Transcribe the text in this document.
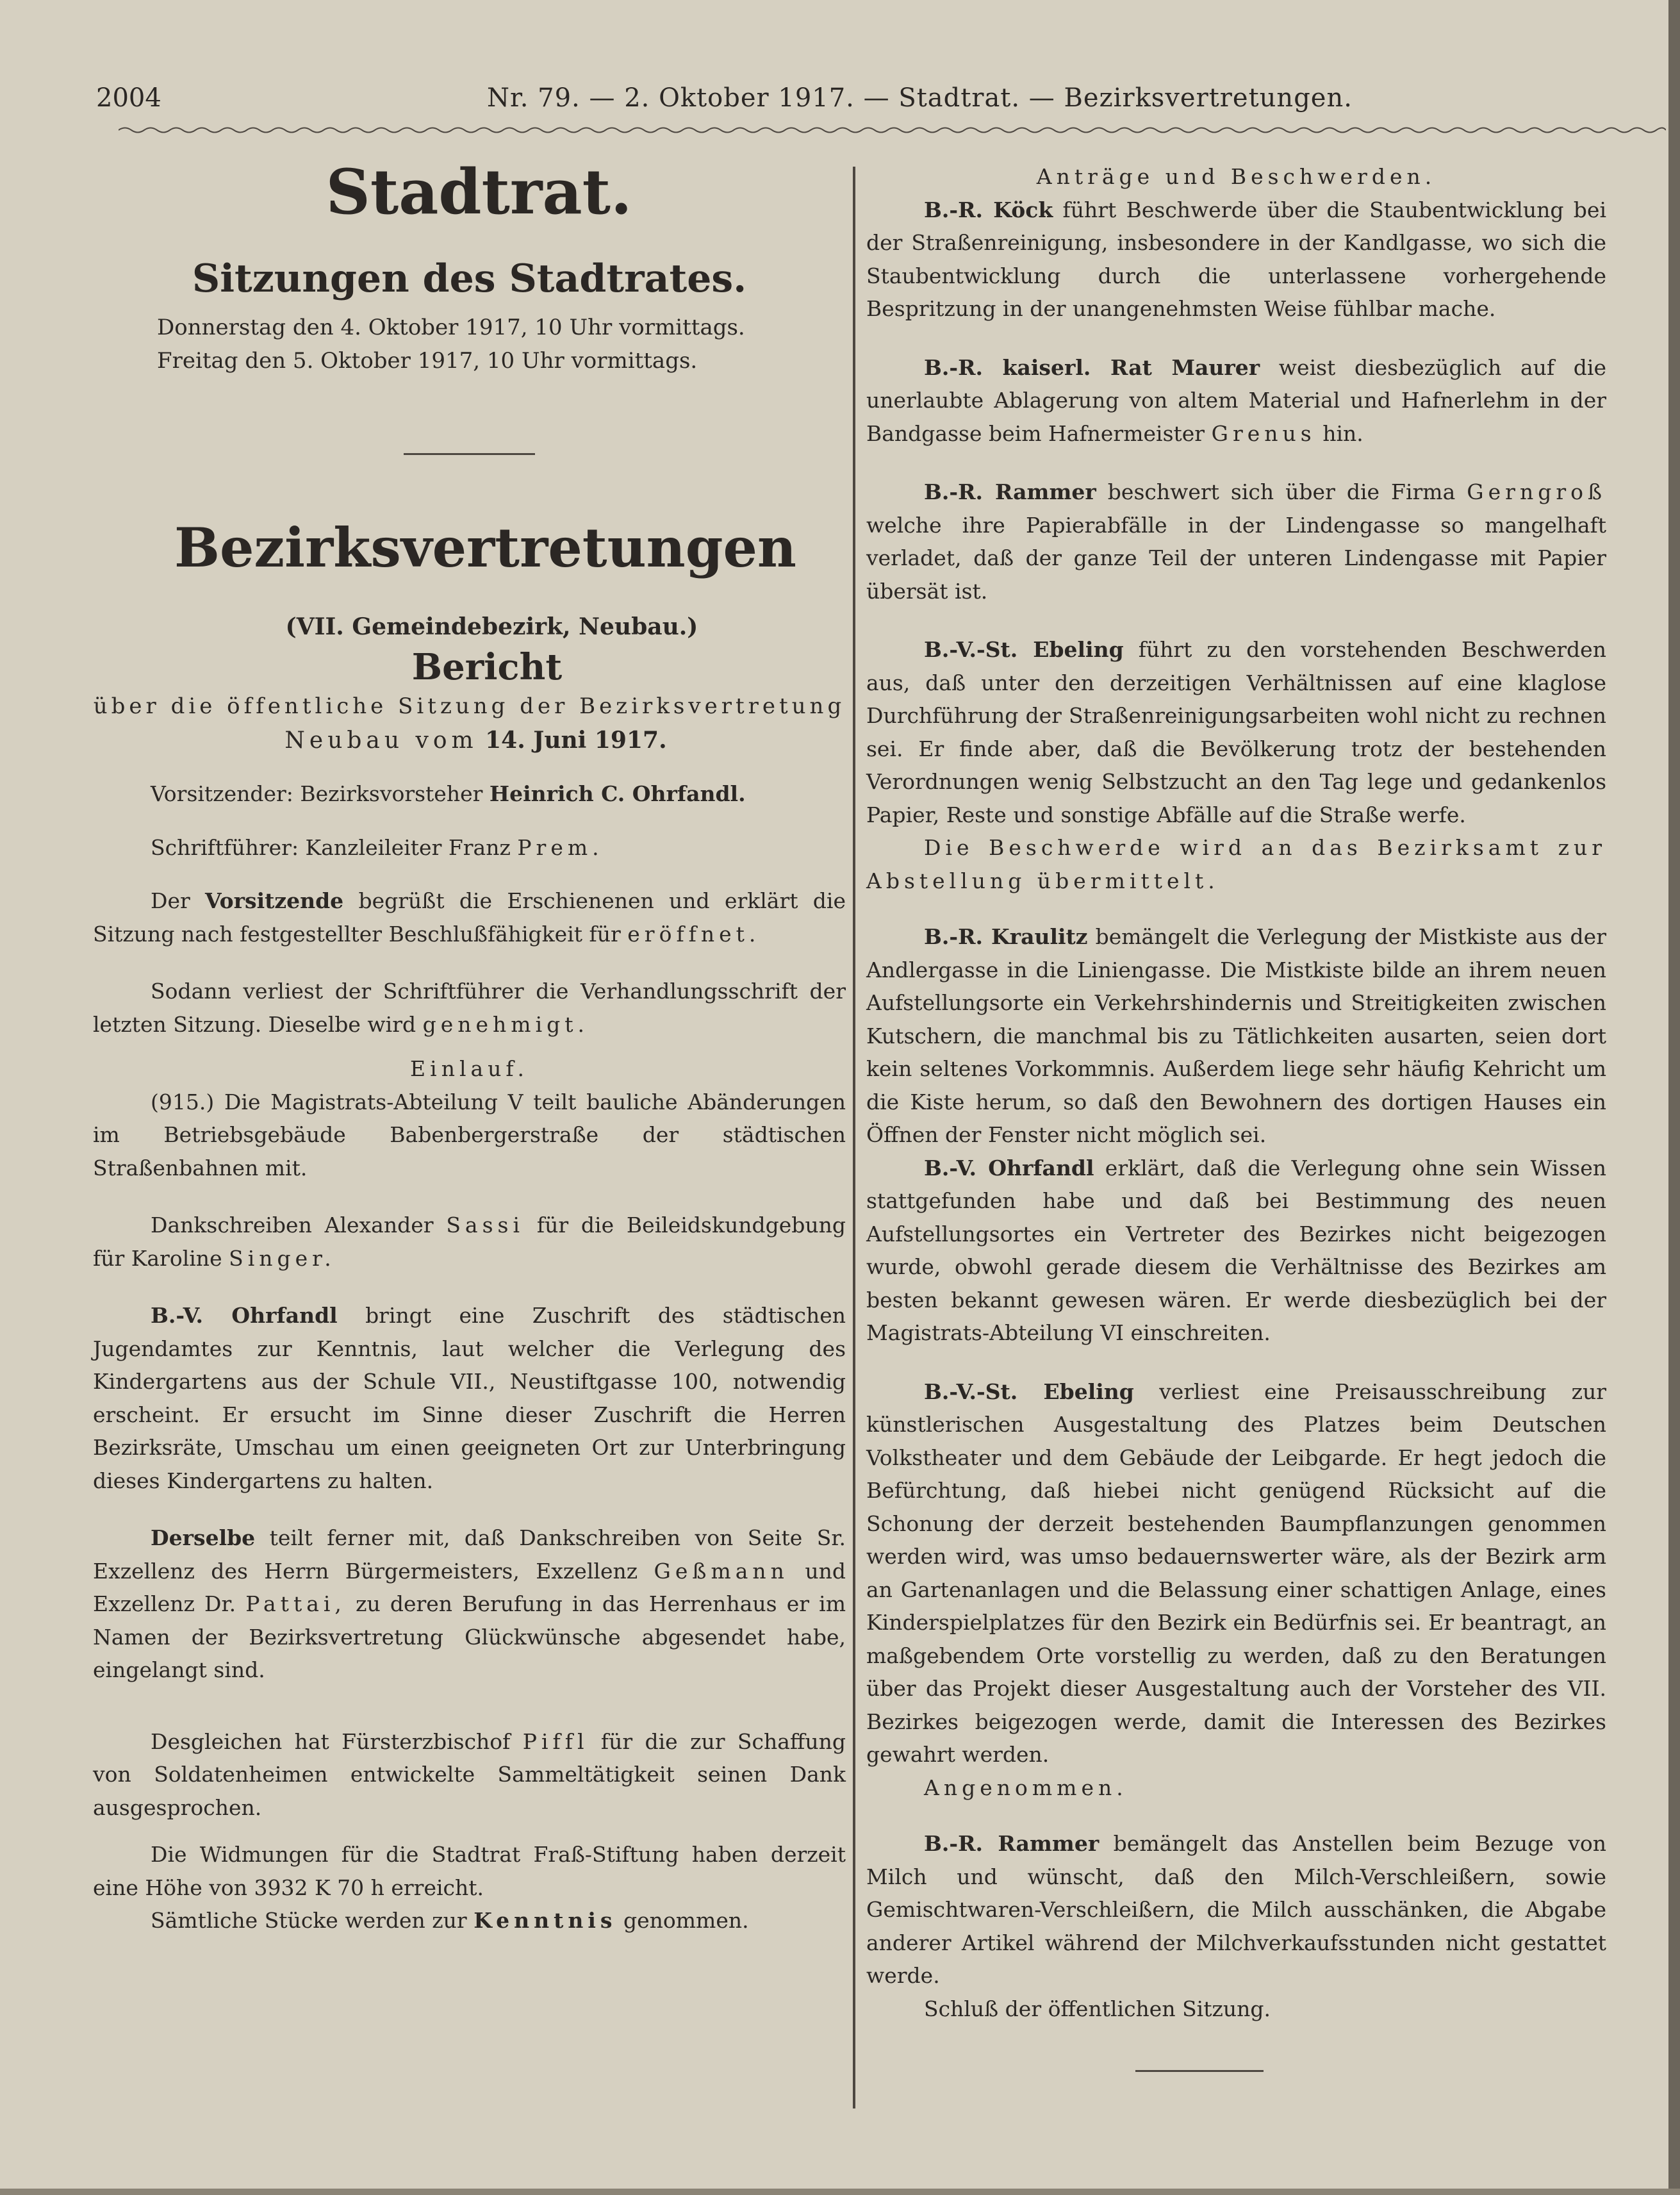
2004	Nr. 79. — 2. Oktober 1917. — Stadtrat. — Bezirksvertretungen.
Stadtrat.
Sitzungen des Stadtrates.
Donnerstag den 4. Oktober 1917, 10 Uhr vormittags.
Freitag den 5. Oktober 1917, 10 Uhr vormittags.
Bezirksvertretungen
(VII. Gemeindebezirk, Neubau.)
Bericht
über die öffentliche Sitzung der Bezirksvertretung
Neubau vom 14. Juni 1917.

Vorsitzender: Bezirksvorsteher Heinrich C. Ohrfandl.

Schriftführer: Kanzleileiter Franz Prem.

Der Vorsitzende begrüßt die Erschienenen und erklärt die Sitzung nach festgestellter Beschlußfähigkeit für eröffnet.

Sodann verliest der Schriftführer die Verhandlungsschrift der letzten Sitzung. Dieselbe wird genehmigt.

Einlauf.

(915.) Die Magistrats-Abteilung V teilt bauliche Abänderungen im Betriebsgebäude Babenbergerstraße der städtischen Straßenbahnen mit.

Dankschreiben Alexander Sassi für die Beileidskundgebung für Karoline Singer.

B.-V. Ohrfandl bringt eine Zuschrift des städtischen Jugendamtes zur Kenntnis, laut welcher die Verlegung des Kindergartens aus der Schule VII., Neustiftgasse 100, notwendig erscheint. Er ersucht im Sinne dieser Zuschrift die Herren Bezirksräte, Umschau um einen geeigneten Ort zur Unterbringung dieses Kindergartens zu halten.

Derselbe teilt ferner mit, daß Dankschreiben von Seite Sr. Exzellenz des Herrn Bürgermeisters, Exzellenz Geßmann und Exzellenz Dr. Pattai, zu deren Berufung in das Herrenhaus er im Namen der Bezirksvertretung Glückwünsche abgesendet habe, eingelangt sind.

Desgleichen hat Fürsterzbischof Piffl für die zur Schaffung von Soldatenheimen entwickelte Sammeltätigkeit seinen Dank ausgesprochen.

Die Widmungen für die Stadtrat Fraß-Stiftung haben derzeit eine Höhe von 3932 K 70 h erreicht.

Sämtliche Stücke werden zur Kenntnis genommen.

Anträge und Beschwerden.

B.-R. Köck führt Beschwerde über die Staubentwicklung bei der Straßenreinigung, insbesondere in der Kandlgasse, wo sich die Staubentwicklung durch die unterlassene vorhergehende Bespritzung in der unangenehmsten Weise fühlbar mache.

B.-R. kaiserl. Rat Maurer weist diesbezüglich auf die unerlaubte Ablagerung von altem Material und Hafnerlehm in der Bandgasse beim Hafnermeister Grenus hin.

B.-R. Rammer beschwert sich über die Firma Gerngroß welche ihre Papierabfälle in der Lindengasse so mangelhaft verladet, daß der ganze Teil der unteren Lindengasse mit Papier übersät ist.

B.-V.-St. Ebeling führt zu den vorstehenden Beschwerden aus, daß unter den derzeitigen Verhältnissen auf eine klaglose Durchführung der Straßenreinigungsarbeiten wohl nicht zu rechnen sei. Er finde aber, daß die Bevölkerung trotz der bestehenden Verordnungen wenig Selbstzucht an den Tag lege und gedankenlos Papier, Reste und sonstige Abfälle auf die Straße werfe.

Die Beschwerde wird an das Bezirksamt zur Abstellung übermittelt.

B.-R. Kraulitz bemängelt die Verlegung der Mistkiste aus der Andlergasse in die Liniengasse. Die Mistkiste bilde an ihrem neuen Aufstellungsorte ein Verkehrshindernis und Streitigkeiten zwischen Kutschern, die manchmal bis zu Tätlichkeiten ausarten, seien dort kein seltenes Vorkommnis. Außerdem liege sehr häufig Kehricht um die Kiste herum, so daß den Bewohnern des dortigen Hauses ein Öffnen der Fenster nicht möglich sei.

B.-V. Ohrfandl erklärt, daß die Verlegung ohne sein Wissen stattgefunden habe und daß bei Bestimmung des neuen Aufstellungsortes ein Vertreter des Bezirkes nicht beigezogen wurde, obwohl gerade diesem die Verhältnisse des Bezirkes am besten bekannt gewesen wären. Er werde diesbezüglich bei der Magistrats-Abteilung VI einschreiten.

B.-V.-St. Ebeling verliest eine Preisausschreibung zur künstlerischen Ausgestaltung des Platzes beim Deutschen Volkstheater und dem Gebäude der Leibgarde. Er hegt jedoch die Befürchtung, daß hiebei nicht genügend Rücksicht auf die Schonung der derzeit bestehenden Baumpflanzungen genommen werden wird, was umso bedauernswerter wäre, als der Bezirk arm an Gartenanlagen und die Belassung einer schattigen Anlage, eines Kinderspielplatzes für den Bezirk ein Bedürfnis sei. Er beantragt, an maßgebendem Orte vorstellig zu werden, daß zu den Beratungen über das Projekt dieser Ausgestaltung auch der Vorsteher des VII. Bezirkes beigezogen werde, damit die Interessen des Bezirkes gewahrt werden.

Angenommen.

B.-R. Rammer bemängelt das Anstellen beim Bezuge von Milch und wünscht, daß den Milch-Verschleißern, sowie Gemischtwaren-Verschleißern, die Milch ausschänken, die Abgabe anderer Artikel während der Milchverkaufsstunden nicht gestattet werde.

Schluß der öffentlichen Sitzung.
